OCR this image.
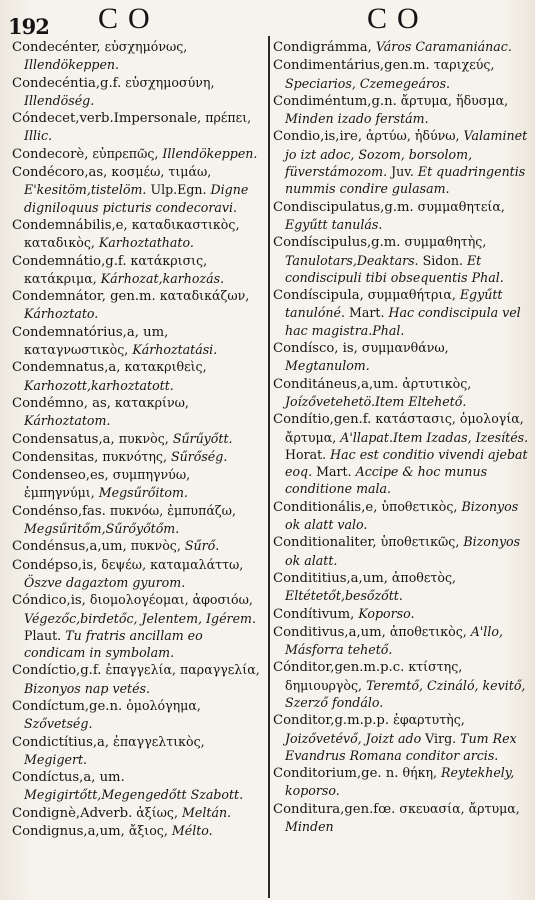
192 CO	CO
Condecénter, εὐσχημόνως, Illendökeppen.
Condecéntia,g.f. εὐσχημοσύνη, Illendöség.
Cóndecet,verb.Impersonale, πρέπει, Illic.
Condecorè, εὐπρεπῶς, Illendökeppen.
Condécoro,as, κοσμέω, τιμάω, E'kesitöm,tistelöm. Ulp.Egn. Digne digniloquus picturis condecoravi.
Condemnábilis,e, καταδικαστικὸς, καταδικὸς, Karhoztathato.
Condemnátio,g.f. κατάκρισις, κατάκριμα, Kárhozat,karhozás.
Condemnátor, gen.m. καταδικάζων, Kárhoztato.
Condemnatórius,a, um, καταγνωστικὸς, Kárhoztatási.
Condemnatus,a, κατακριθεὶς, Karhozott,karhoztatott.
Condémno, as, κατακρίνω, Kárhoztatom.
Condensatus,a, πυκνὸς, Sűrűyőtt.
Condensitas, πυκνότης, Sűrőség.
Condenseo,es, συμπηγνύω, ἐμπηγνύμι, Megsűrőitom.
Condénso,fas. πυκνόω, ἐμπυπάζω, Megsűritőm,Sűrőyőtőm.
Condénsus,a,um, πυκνὸς, Sűrő.
Condépso,is, δεψέω, καταμαλάττω, Öszve dagaztom gyurom.
Cóndico,is, διομολογέομαι, ἀφοσιόω, Végezőc,birdetőc, Jelentem, Igérem. Plaut. Tu fratris ancillam eo condicam in symbolam.
Condíctio,g.f. ἐπαγγελία, παραγγελία, Bizonyos nap vetés.
Condíctum,ge.n. ὁμολόγημα, Szővetség.
Condictítius,a, ἐπαγγελτικὸς, Megigert.
Condíctus,a, um. Megigirtőtt,Megengedőtt Szabott.
Condignè,Adverb. ἀξίως, Meltán.
Condignus,a,um, ἄξιος, Mélto.
Condigrámma, Város Caramaniánac.
Condimentárius,gen.m. ταριχεύς, Speciarios, Czemegeáros.
Condiméntum,g.n. ἄρτυμα, ἥδυσμα, Minden izado ferstám.
Condio,is,ire, ἀρτύω, ἡδύνω, Valaminet jo izt adoc, Sozom, borsolom, füverstámozom. Juv. Et quadringentis nummis condire gulasam.
Condiscipulatus,g.m. συμμαθητεία, Egyűtt tanulás.
Condíscipulus,g.m. συμμαθητὴς, Tanulotars,Deaktars. Sidon. Et condiscipuli tibi obsequentis Phal.
Condíscipula, συμμαθήτρια, Egyűtt tanulóné. Mart. Hac condiscipula vel hac magistra.Phal.
Condísco, is, συμμανθάνω, Megtanulom.
Conditáneus,a,um. ἀρτυτικὸς, Joízővetehetö.Item Eltehető.
Condítio,gen.f. κατάστασις, ὁμολογία, ἄρτυμα, A'llapat.Item Izadas, Izesítés. Horat. Hac est conditio vivendi ajebat eoq. Mart. Accipe & hoc munus conditione mala.
Conditionális,e, ὑποθετικὸς, Bizonyos ok alatt valo.
Conditionaliter, ὑποθετικῶς, Bizonyos ok alatt.
Condititius,a,um, ἀποθετὸς, Eltétetőt,besőzőtt.
Condítivum, Koporso.
Conditivus,a,um, ἀποθετικὸς, A'llo, Másforra tehető.
Cónditor,gen.m.p.c. κτίστης, δημιουργὸς, Teremtő, Czináló, kevitő, Szerző fondálo.
Conditor,g.m.p.p. ἐφαρτυτὴς, Joizővetévő, Joizt ado Virg. Tum Rex Evandrus Romana conditor arcis.
Conditorium,ge. n. θήκη, Reytekhely, koporso.
Conditura,gen.fœ. σκευασία, ἄρτυμα, Minden
